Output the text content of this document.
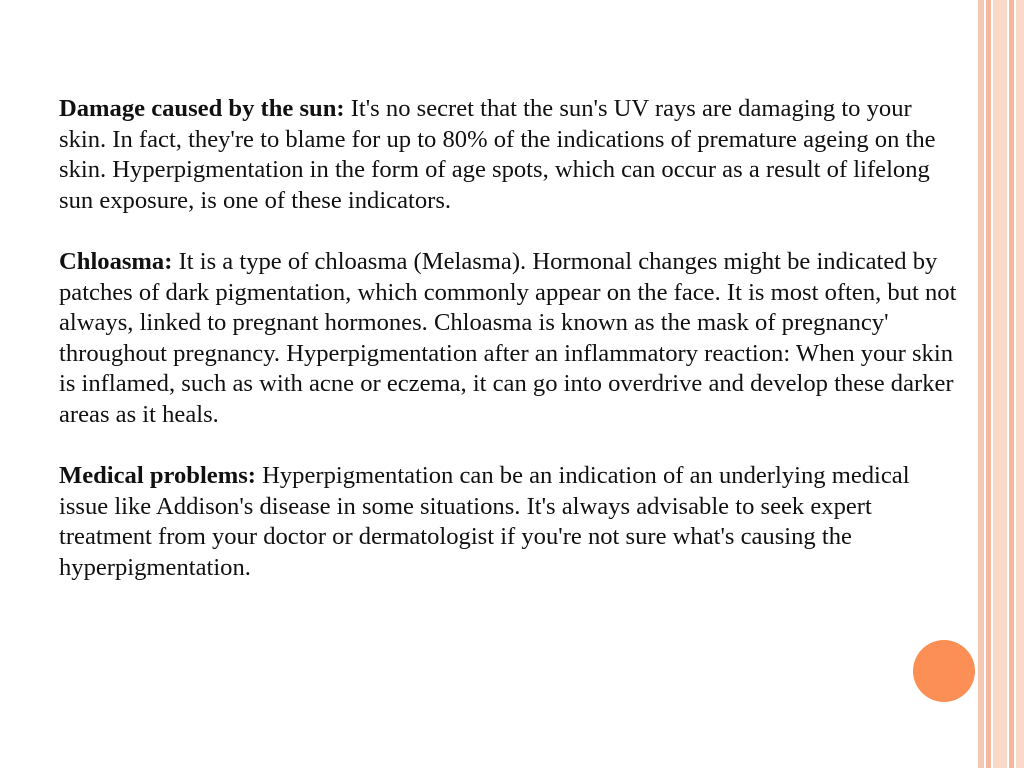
Damage caused by the sun: It's no secret that the sun's UV rays are damaging to your skin. In fact, they're to blame for up to 80% of the indications of premature ageing on the skin. Hyperpigmentation in the form of age spots, which can occur as a result of lifelong sun exposure, is one of these indicators.

Chloasma: It is a type of chloasma (Melasma). Hormonal changes might be indicated by patches of dark pigmentation, which commonly appear on the face. It is most often, but not always, linked to pregnant hormones. Chloasma is known as the mask of pregnancy' throughout pregnancy. Hyperpigmentation after an inflammatory reaction: When your skin is inflamed, such as with acne or eczema, it can go into overdrive and develop these darker areas as it heals.

Medical problems: Hyperpigmentation can be an indication of an underlying medical issue like Addison's disease in some situations. It's always advisable to seek expert treatment from your doctor or dermatologist if you're not sure what's causing the hyperpigmentation.
